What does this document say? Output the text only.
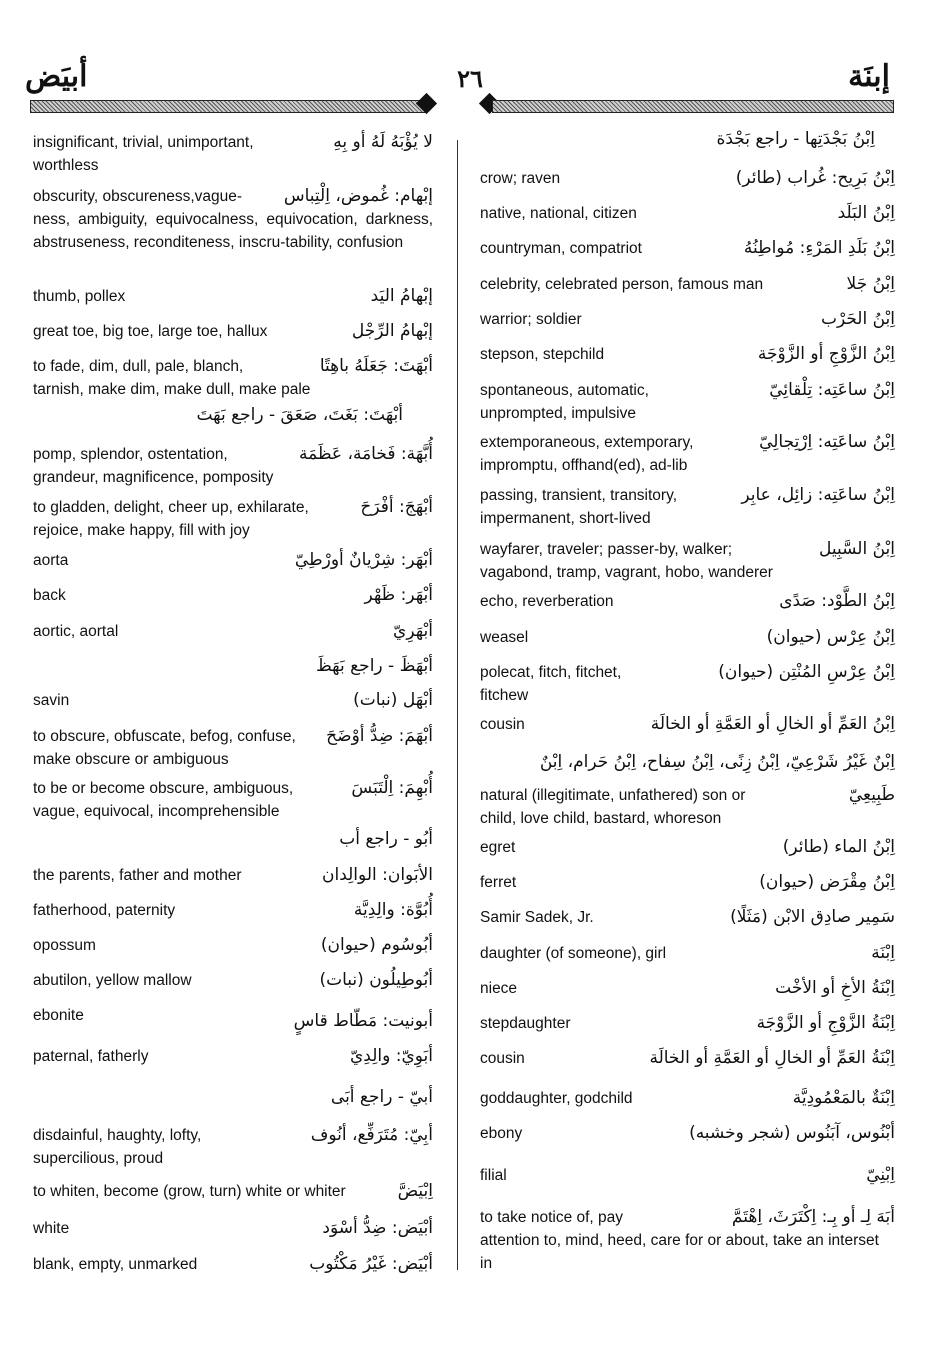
إبنَة
٢٦
أبيَض
لا يُؤْبَهُ لَهُ أو بِهِ
insignificant, trivial, unimportant,
worthless
إبْهام: غُموض، اِلْتِباس
obscurity, obscureness,vague-
ness, ambiguity, equivocalness, equivocation, darkness, abstruseness, reconditeness, inscru-tability, confusion
إبْهامُ اليَد
thumb, pollex
إبْهامُ الرِّجْل
great toe, big toe, large toe, hallux
أبْهَتَ: جَعَلَهُ باهِتًا
to fade, dim, dull, pale, blanch,
tarnish, make dim, make dull, make pale
أبْهَتَ: بَغَتَ، صَعَقَ - راجع بَهَتَ
أُبَّهَة: فَخامَة، عَظَمَة
pomp, splendor, ostentation,
grandeur, magnificence, pomposity
أبْهَجَ: أفْرَحَ
to gladden, delight, cheer up, exhilarate,
rejoice, make happy, fill with joy
أبْهَر: شِرْيانٌ أورْطِيّ
aorta
أبْهَر: ظَهْر
back
أبْهَرِيّ
aortic, aortal
أبْهَظَ - راجع بَهَظَ
أبْهَل (نبات)
savin
أبْهَمَ: ضِدُّ أوْضَحَ
to obscure, obfuscate, befog, confuse,
make obscure or ambiguous
أُبْهِمَ: اِلْتَبَسَ
to be or become obscure, ambiguous,
vague, equivocal, incomprehensible
أبُو - راجع أب
الأبَوان: الوالِدان
the parents, father and mother
أُبُوَّة: والِدِيَّة
fatherhood, paternity
أبُوسُوم (حيوان)
opossum
أبُوطِيلُون (نبات)
abutilon, yellow mallow
أبونيت: مَطّاط قاسٍ
ebonite
أبَوِيّ: والِدِيّ
paternal, fatherly
أبيّ - راجع أبَى
أبِيّ: مُتَرَفِّع، أنُوف
disdainful, haughty, lofty,
supercilious, proud
اِبْيَضَّ
to whiten, become (grow, turn) white or whiter
أبْيَض: ضِدُّ أسْوَد
white
أبْيَض: غَيْرُ مَكْتُوب
blank, empty, unmarked
اِبْنُ بَجْدَتِها - راجع بَجْدَة
اِبْنُ بَرِيح: غُراب (طائر)
crow; raven
اِبْنُ البَلَد
native, national, citizen
اِبْنُ بَلَدِ المَرْءِ: مُواطِنُهُ
countryman, compatriot
اِبْنُ جَلا
celebrity, celebrated person, famous man
اِبْنُ الحَرْب
warrior; soldier
اِبْنُ الزَّوْجِ أو الزَّوْجَة
stepson, stepchild
اِبْنُ ساعَتِه: تِلْقائِيّ
spontaneous, automatic,
unprompted, impulsive
اِبْنُ ساعَتِه: اِرْتِجالِيّ
extemporaneous, extemporary,
impromptu, offhand(ed), ad-lib
اِبْنُ ساعَتِه: زائِل، عابِر
passing, transient, transitory,
impermanent, short-lived
اِبْنُ السَّبِيل
wayfarer, traveler; passer-by, walker;
vagabond, tramp, vagrant, hobo, wanderer
اِبْنُ الطَّوْد: صَدًى
echo, reverberation
اِبْنُ عِرْس (حيوان)
weasel
اِبْنُ عِرْسِ المُنْتِن (حيوان)
polecat, fitch, fitchet,
fitchew
اِبْنُ العَمِّ أو الخالِ أو العَمَّةِ أو الخالَة
cousin
اِبْنٌ غَيْرُ شَرْعِيّ، اِبْنُ زِنًى، اِبْنُ سِفاح، اِبْنُ حَرام، اِبْنٌ
طَبِيعِيّ
natural (illegitimate, unfathered) son or
child, love child, bastard, whoreson
اِبْنُ الماء (طائر)
egret
اِبْنُ مِقْرَض (حيوان)
ferret
سَمِير صادِق الابْن (مَثَلًا)
Samir Sadek, Jr.
اِبْنَة
daughter (of someone), girl
اِبْنَةُ الأخِ أو الأخْت
niece
اِبْنَةُ الزَّوْجِ أو الزَّوْجَة
stepdaughter
اِبْنَةُ العَمِّ أو الخالِ أو العَمَّةِ أو الخالَة
cousin
اِبْنَةٌ بالمَعْمُودِيَّة
goddaughter, godchild
أبْنُوس، آبَنُوس (شجر وخشبه)
ebony
اِبْنِيّ
filial
أبَهَ لِـ أو بِـ: اِكْتَرَثَ، اِهْتَمَّ
to take notice of, pay
attention to, mind, heed, care for or about, take an interset in
